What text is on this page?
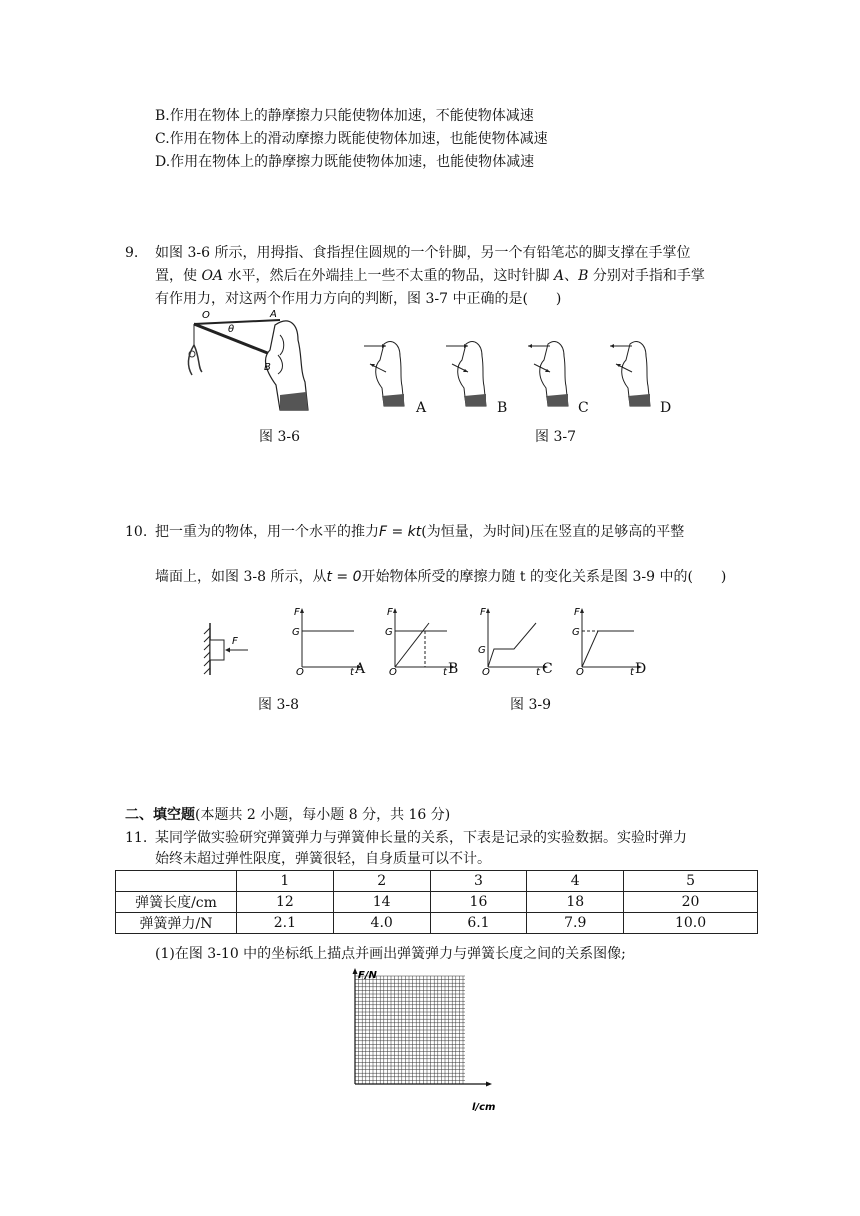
B.作用在物体上的静摩擦力只能使物体加速，不能使物体减速
C.作用在物体上的滑动摩擦力既能使物体加速，也能使物体减速
D.作用在物体上的静摩擦力既能使物体加速，也能使物体减速
9. 如图 3-6 所示，用拇指、食指捏住圆规的一个针脚，另一个有铅笔芯的脚支撑在手掌位
置，使 OA 水平，然后在外端挂上一些不太重的物品，这时针脚 A、B 分别对手指和手掌
有作用力，对这两个作用力方向的判断，图 3-7 中正确的是(　　)
O	A
θ
B
A	B	C	D
图 3-6	图 3-7
10. 把一重为的物体，用一个水平的推力F = kt(为恒量，为时间)压在竖直的足够高的平整
墙面上，如图 3-8 所示，从t = 0开始物体所受的摩擦力随 t 的变化关系是图 3-9 中的(　　)
F
图 3-8
F
G
O	t
F
G
O	t
F
G
O	t
F
G
O	t
A	B	C	D
图 3-9
二、填空题(本题共 2 小题，每小题 8 分，共 16 分)
11. 某同学做实验研究弹簧弹力与弹簧伸长量的关系，下表是记录的实验数据。实验时弹力
始终未超过弹性限度，弹簧很轻，自身质量可以不计。
	1	2	3	4	5
弹簧长度/cm	12	14	16	18	20
弹簧弹力/N	2.1	4.0	6.1	7.9	10.0
(1)在图 3-10 中的坐标纸上描点并画出弹簧弹力与弹簧长度之间的关系图像;
F/N
l/cm
